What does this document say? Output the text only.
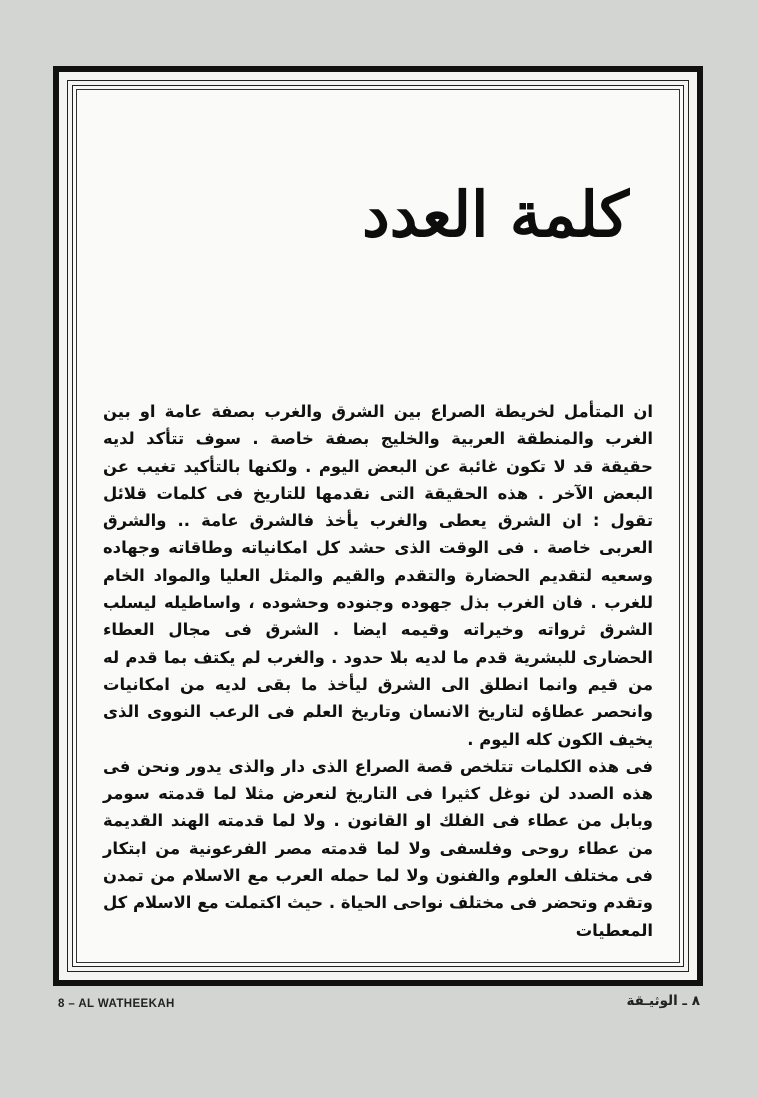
كلمة العدد

ان المتأمل لخريطة الصراع بين الشرق والغرب بصفة عامة او بين الغرب والمنطقة العربية والخليج بصفة خاصة . سوف تتأكد لديه حقيقة قد لا تكون غائبة عن البعض اليوم . ولكنها بالتأكيد تغيب عن البعض الآخر . هذه الحقيقة التى نقدمها للتاريخ فى كلمات قلائل تقول : ان الشرق يعطى والغرب يأخذ فالشرق عامة .. والشرق العربى خاصة . فى الوقت الذى حشد كل امكانياته وطاقاته وجهاده وسعيه لتقديم الحضارة والتقدم والقيم والمثل العليا والمواد الخام للغرب . فان الغرب بذل جهوده وجنوده وحشوده ، واساطيله ليسلب الشرق ثرواته وخيراته وقيمه ايضا . الشرق فى مجال العطاء الحضارى للبشرية قدم ما لديه بلا حدود . والغرب لم يكتف بما قدم له من قيم وانما انطلق الى الشرق ليأخذ ما بقى لديه من امكانيات وانحصر عطاؤه لتاريخ الانسان وتاريخ العلم فى الرعب النووى الذى يخيف الكون كله اليوم .

فى هذه الكلمات تتلخص قصة الصراع الذى دار والذى يدور ونحن فى هذه الصدد لن نوغل كثيرا فى التاريخ لنعرض مثلا لما قدمته سومر وبابل من عطاء فى الفلك او القانون . ولا لما قدمته الهند القديمة من عطاء روحى وفلسفى ولا لما قدمته مصر الفرعونية من ابتكار فى مختلف العلوم والفنون ولا لما حمله العرب مع الاسلام من تمدن وتقدم وتحضر فى مختلف نواحى الحياة . حيث اكتملت مع الاسلام كل المعطيات

8 – AL WATHEEKAH	٨ ـ الوثيـقة
